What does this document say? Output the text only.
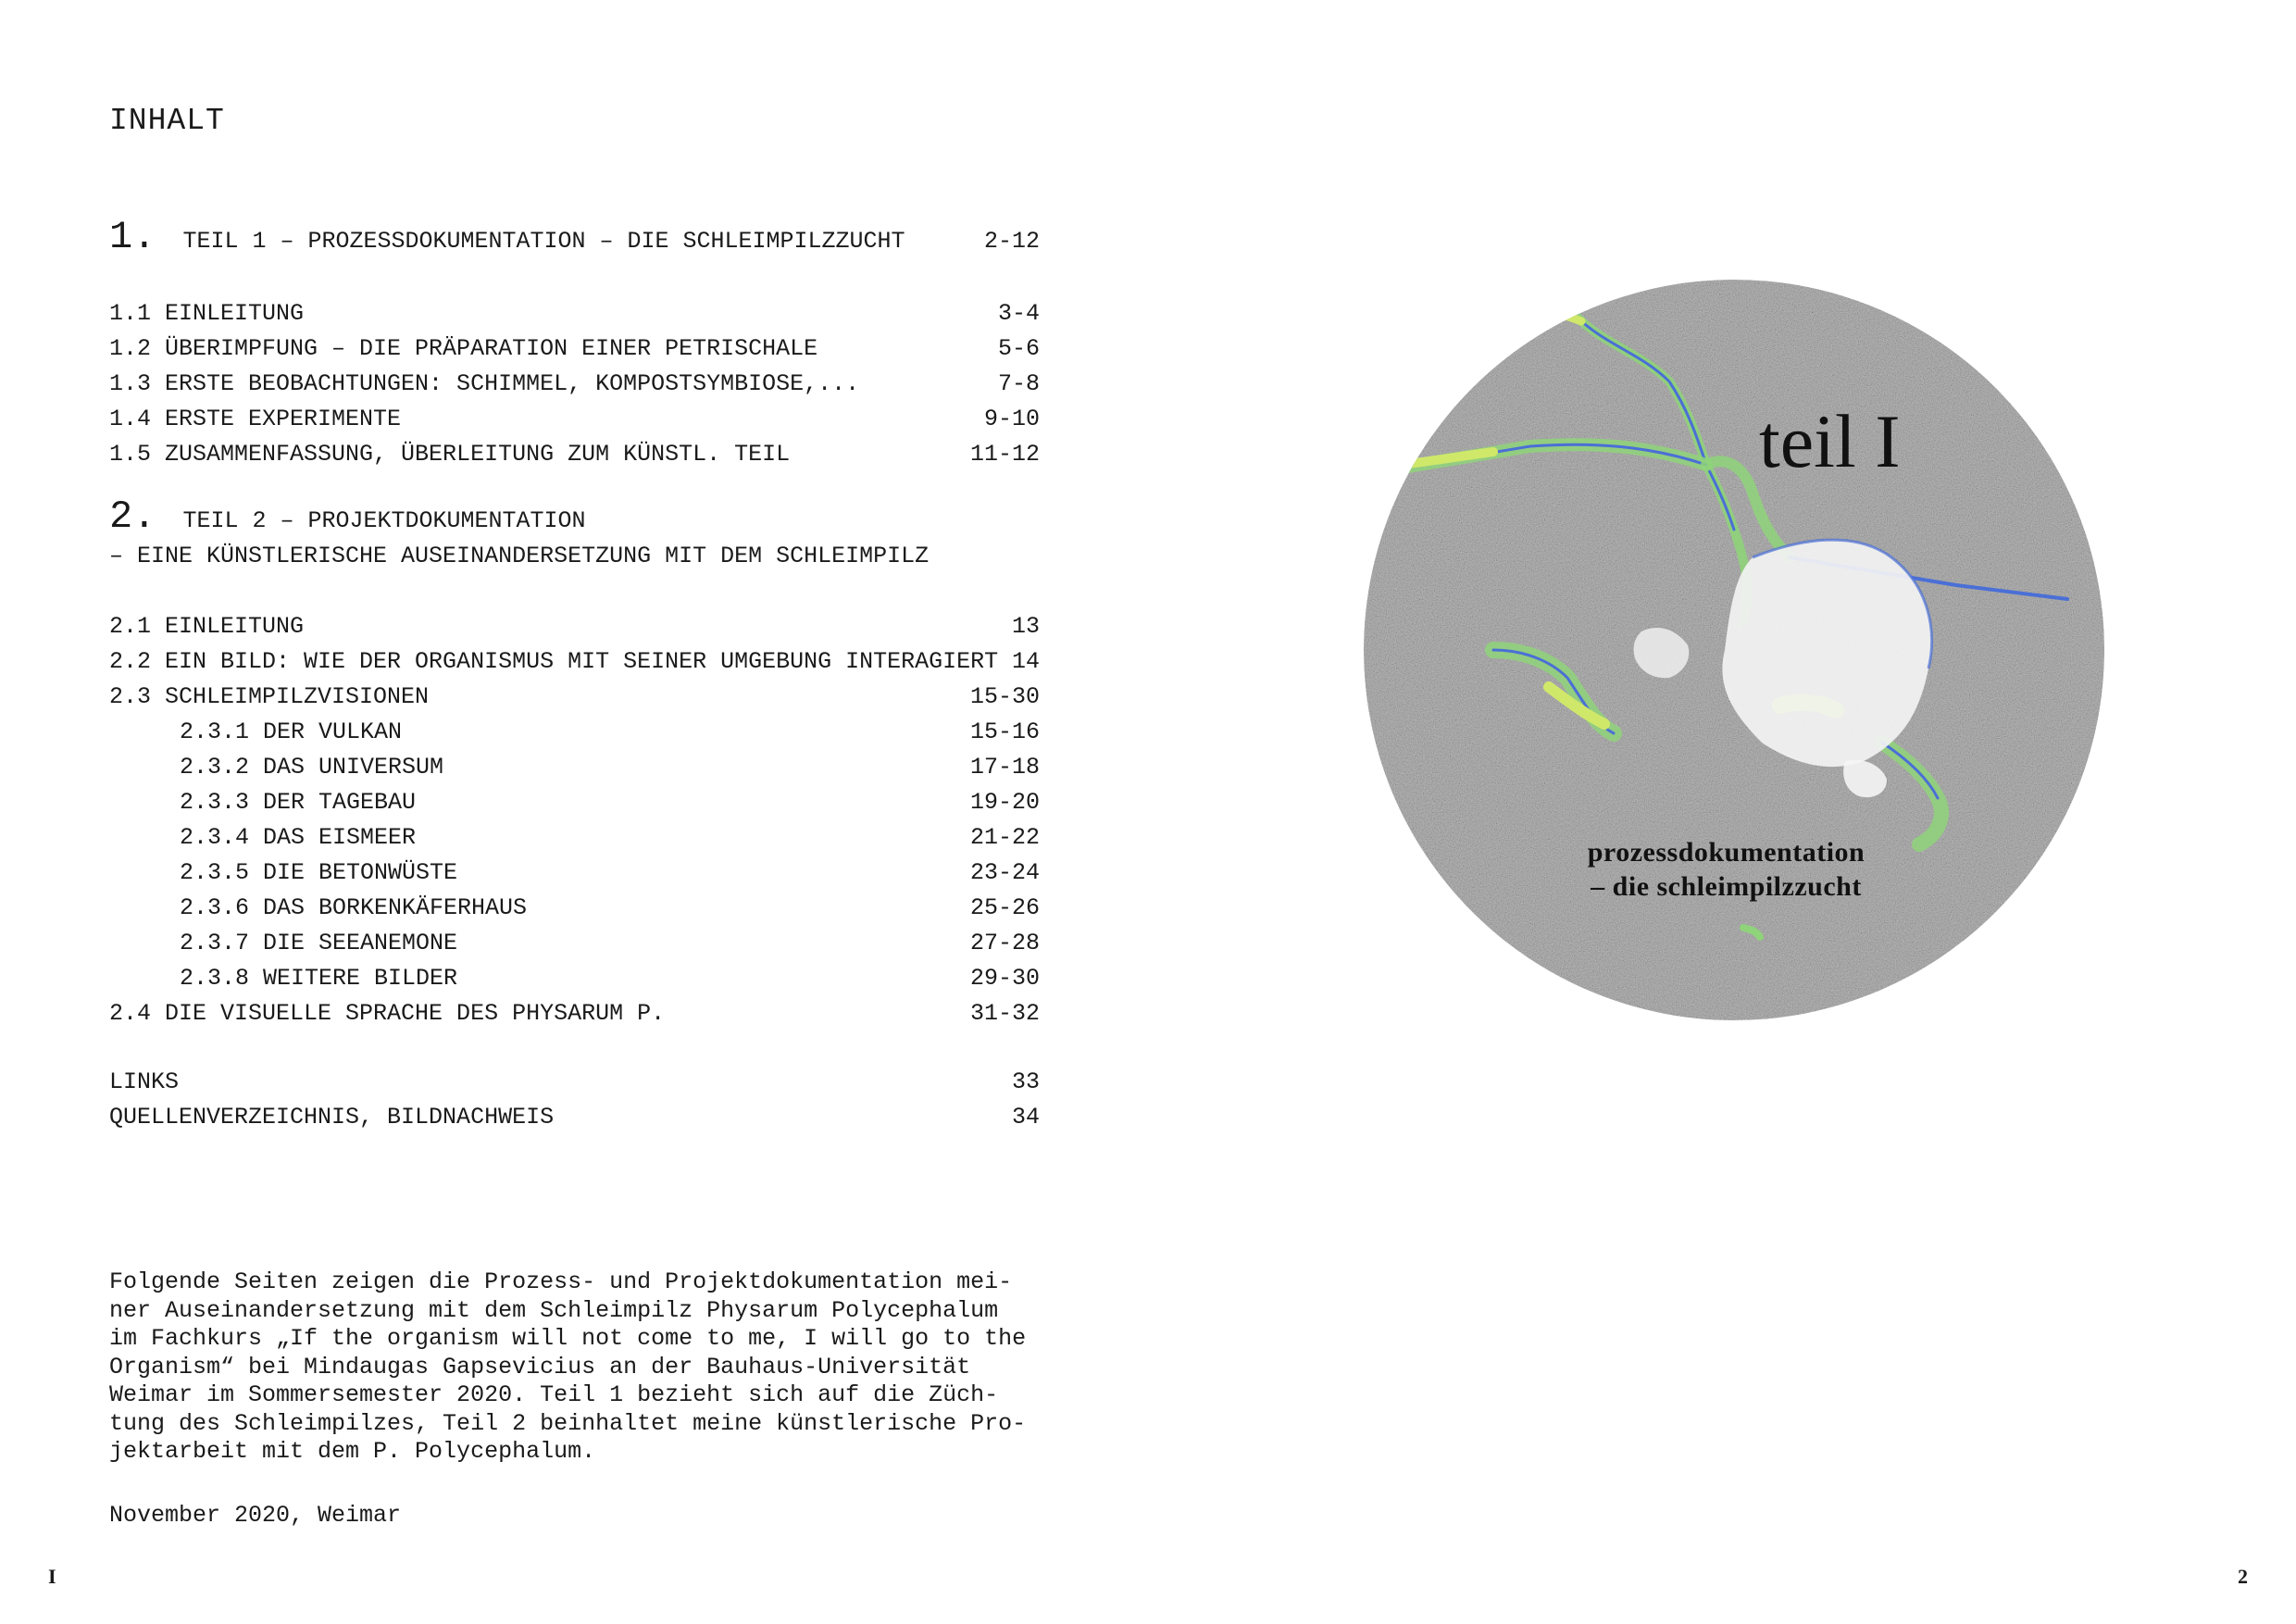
INHALT
1. TEIL 1 – PROZESSDOKUMENTATION – DIE SCHLEIMPILZZUCHT	2-12
1.1 EINLEITUNG	3-4
1.2 ÜBERIMPFUNG – DIE PRÄPARATION EINER PETRISCHALE	5-6
1.3 ERSTE BEOBACHTUNGEN: SCHIMMEL, KOMPOSTSYMBIOSE,...	7-8
1.4 ERSTE EXPERIMENTE	9-10
1.5 ZUSAMMENFASSUNG, ÜBERLEITUNG ZUM KÜNSTL. TEIL	11-12
2. TEIL 2 – PROJEKTDOKUMENTATION
– EINE KÜNSTLERISCHE AUSEINANDERSETZUNG MIT DEM SCHLEIMPILZ
2.1 EINLEITUNG	13
2.2 EIN BILD: WIE DER ORGANISMUS MIT SEINER UMGEBUNG INTERAGIERT 14
2.3 SCHLEIMPILZVISIONEN	15-30
2.3.1 DER VULKAN	15-16
2.3.2 DAS UNIVERSUM	17-18
2.3.3 DER TAGEBAU	19-20
2.3.4 DAS EISMEER	21-22
2.3.5 DIE BETONWÜSTE	23-24
2.3.6 DAS BORKENKÄFERHAUS	25-26
2.3.7 DIE SEEANEMONE	27-28
2.3.8 WEITERE BILDER	29-30
2.4 DIE VISUELLE SPRACHE DES PHYSARUM P.	31-32
LINKS	33
QUELLENVERZEICHNIS, BILDNACHWEIS	34

Folgende Seiten zeigen die Prozess- und Projektdokumentation mei-

ner Auseinandersetzung mit dem Schleimpilz Physarum Polycephalum

im Fachkurs „If the organism will not come to me, I will go to the

Organism“ bei Mindaugas Gapsevicius an der Bauhaus-Universität

Weimar im Sommersemester 2020. Teil 1 bezieht sich auf die Züch-

tung des Schleimpilzes, Teil 2 beinhaltet meine künstlerische Pro-

jektarbeit mit dem P. Polycephalum.

November 2020, Weimar
I
teil I
prozessdokumentation
– die schleimpilzzucht
2
